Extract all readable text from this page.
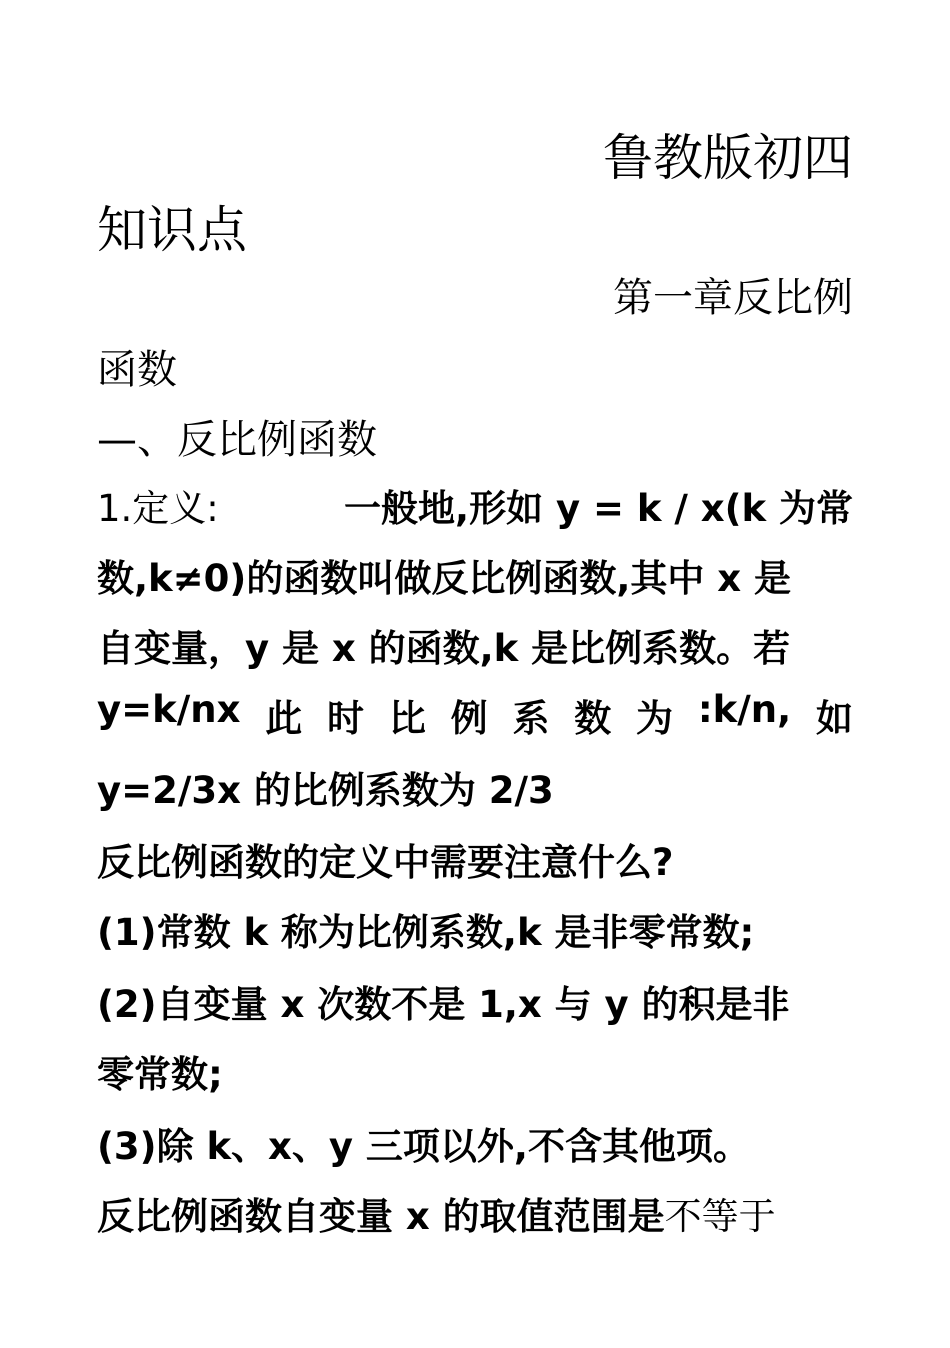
鲁教版初四
知识点
第一章反比例
函数
—、反比例函数
1.定义:	一般地,形如 y = k / x(k 为常
数,k≠0)的函数叫做反比例函数,其中 x 是
自变量，y 是 x 的函数,k 是比例系数。若
y=k/nx 此 时 比 例 系 数 为 :k/n, 如
y=2/3x 的比例系数为 2/3
反比例函数的定义中需要注意什么?
(1)常数 k 称为比例系数,k 是非零常数;
(2)自变量 x 次数不是 1,x 与 y 的积是非
零常数;
(3)除 k、x、y 三项以外,不含其他项。
反比例函数自变量 x 的取值范围是不等于
